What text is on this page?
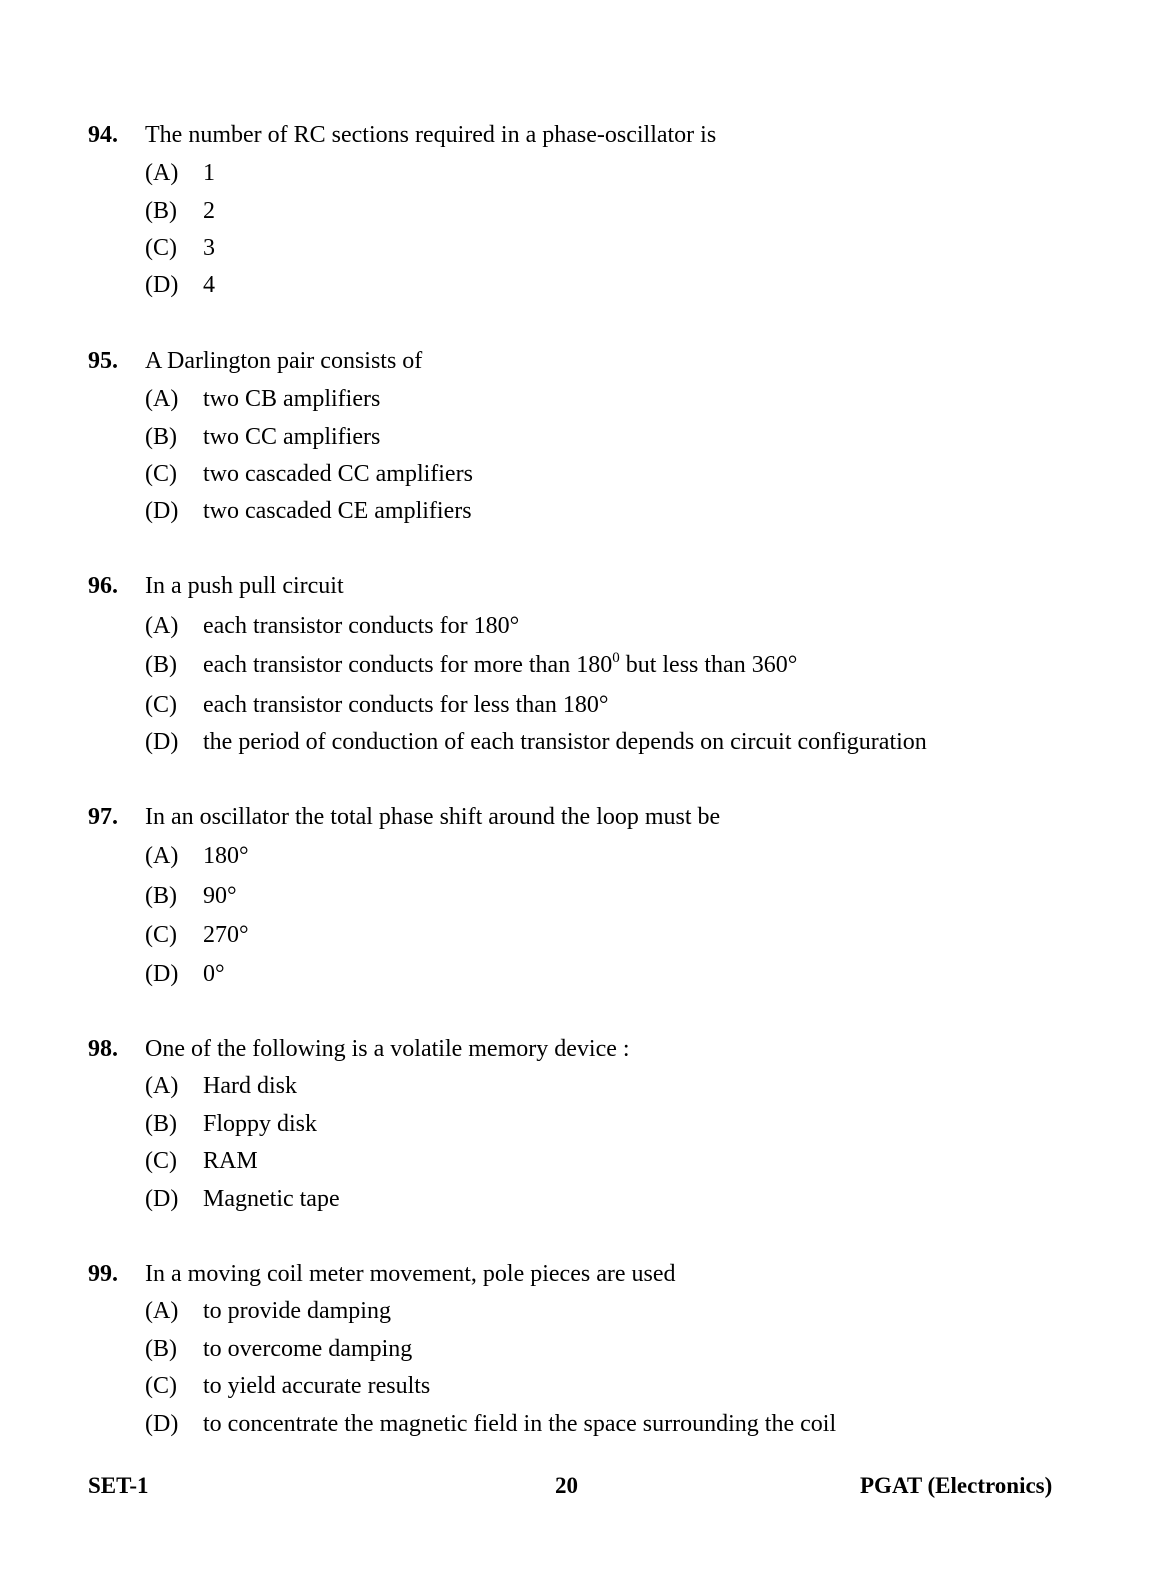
94. The number of RC sections required in a phase-oscillator is
(A) 1
(B) 2
(C) 3
(D) 4
95. A Darlington pair consists of
(A) two CB amplifiers
(B) two CC amplifiers
(C) two cascaded CC amplifiers
(D) two cascaded CE amplifiers
96. In a push pull circuit
(A) each transistor conducts for 180°
(B) each transistor conducts for more than $180^0$ but less than 360°
(C) each transistor conducts for less than 180°
(D) the period of conduction of each transistor depends on circuit configuration
97. In an oscillator the total phase shift around the loop must be
(A) 180°
(B) 90°
(C) 270°
(D) 0°
98. One of the following is a volatile memory device :
(A) Hard disk
(B) Floppy disk
(C) RAM
(D) Magnetic tape
99. In a moving coil meter movement, pole pieces are used
(A) to provide damping
(B) to overcome damping
(C) to yield accurate results
(D) to concentrate the magnetic field in the space surrounding the coil
SET-1	20	PGAT (Electronics)
